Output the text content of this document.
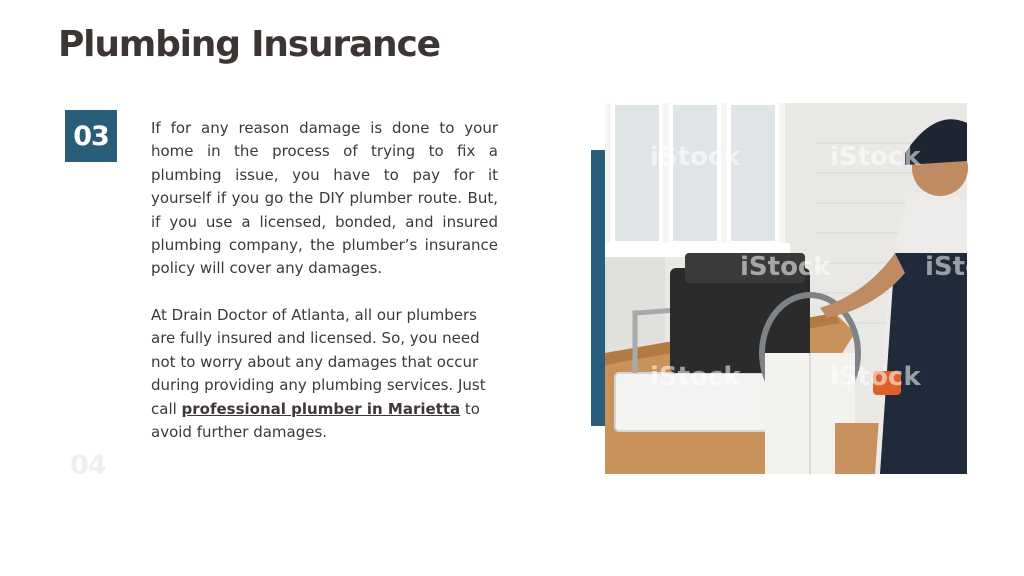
Plumbing Insurance
03
04

If for any reason damage is done to your home in the process of trying to fix a plumbing issue, you have to pay for it yourself if you go the DIY plumber route. But, if you use a licensed, bonded, and insured plumbing company, the plumber’s insurance policy will cover any damages.

At Drain Doctor of Atlanta, all our plumbers are fully insured and licensed. So, you need not to worry about any damages that occur during providing any plumbing services. Just call professional plumber in Marietta to avoid further damages.

iStock	iStock
iStock	iStock
iStock	iStock
